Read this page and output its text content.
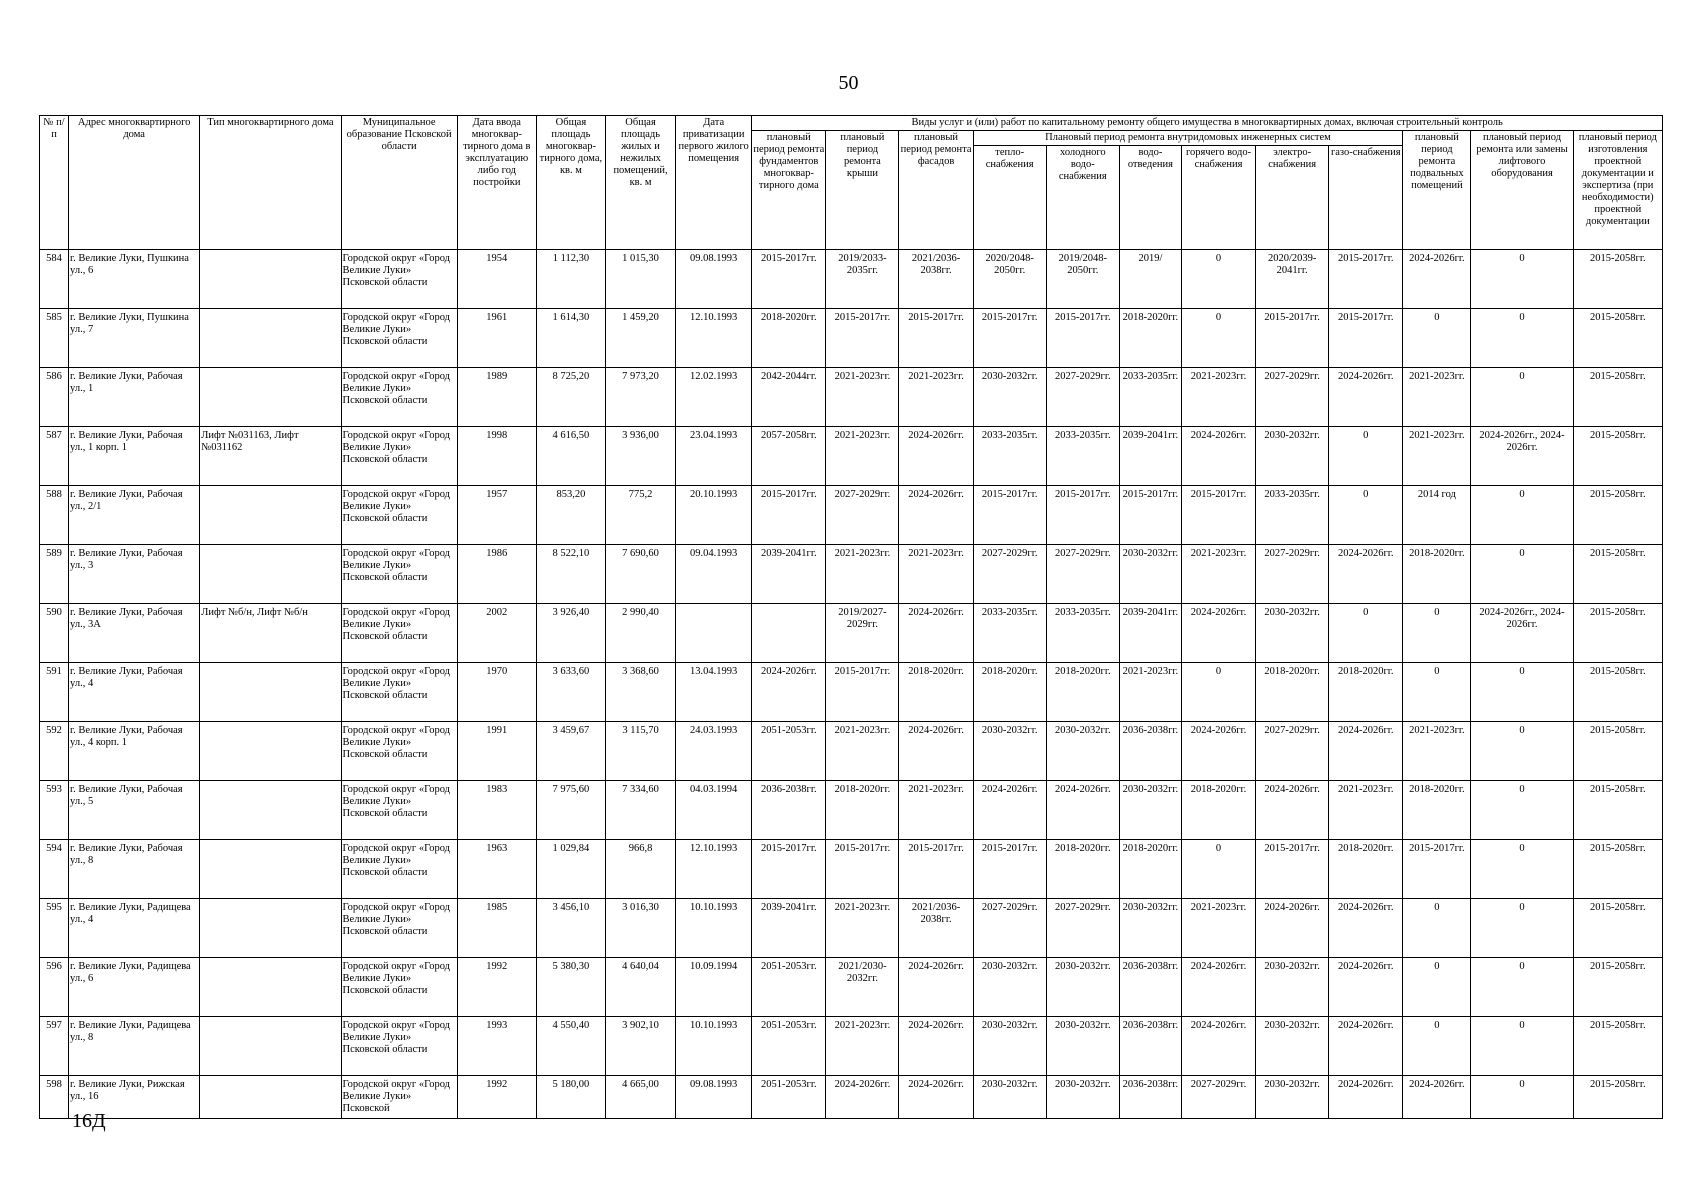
50
№ п/п	Адрес многоквартирного дома	Тип многоквартирного дома	Муниципальное образование Псковской области	Дата ввода многоквар-тирного дома в эксплуатацию либо год постройки	Общая площадь многоквар-тирного дома, кв. м	Общая площадь жилых и нежилых помещений, кв. м	Дата приватизации первого жилого помещения	Виды услуг и (или) работ по капитальному ремонту общего имущества в многоквартирных домах, включая строительный контроль											
								плановый период ремонта фундаментов многоквар-тирного дома	плановый период ремонта крыши	плановый период ремонта фасадов	Плановый период ремонта внутридомовых инженерных систем						плановый период ремонта подвальных помещений	плановый период ремонта или замены лифтового оборудования	плановый период изготовления проектной документации и экспертиза (при необходимости) проектной документации
											тепло-снабжения	холодного водо-снабжения	водо-отведения	горячего водо-снабжения	электро-снабжения	газо-снабжения			
584	г. Великие Луки, Пушкина ул., 6		Городской округ «Город Великие Луки» Псковской области	1954	1 112,30	1 015,30	09.08.1993	2015-2017гг.	2019/2033-2035гг.	2021/2036-2038гг.	2020/2048-2050гг.	2019/2048-2050гг.	2019/	0	2020/2039-2041гг.	2015-2017гг.	2024-2026гг.	0	2015-2058гг.
585	г. Великие Луки, Пушкина ул., 7		Городской округ «Город Великие Луки» Псковской области	1961	1 614,30	1 459,20	12.10.1993	2018-2020гг.	2015-2017гг.	2015-2017гг.	2015-2017гг.	2015-2017гг.	2018-2020гг.	0	2015-2017гг.	2015-2017гг.	0	0	2015-2058гг.
586	г. Великие Луки, Рабочая ул., 1		Городской округ «Город Великие Луки» Псковской области	1989	8 725,20	7 973,20	12.02.1993	2042-2044гг.	2021-2023гг.	2021-2023гг.	2030-2032гг.	2027-2029гг.	2033-2035гг.	2021-2023гг.	2027-2029гг.	2024-2026гг.	2021-2023гг.	0	2015-2058гг.
587	г. Великие Луки, Рабочая ул., 1 корп. 1	Лифт №031163, Лифт №031162	Городской округ «Город Великие Луки» Псковской области	1998	4 616,50	3 936,00	23.04.1993	2057-2058гг.	2021-2023гг.	2024-2026гг.	2033-2035гг.	2033-2035гг.	2039-2041гг.	2024-2026гг.	2030-2032гг.	0	2021-2023гг.	2024-2026гг., 2024-2026гг.	2015-2058гг.
588	г. Великие Луки, Рабочая ул., 2/1		Городской округ «Город Великие Луки» Псковской области	1957	853,20	775,2	20.10.1993	2015-2017гг.	2027-2029гг.	2024-2026гг.	2015-2017гг.	2015-2017гг.	2015-2017гг.	2015-2017гг.	2033-2035гг.	0	2014 год	0	2015-2058гг.
589	г. Великие Луки, Рабочая ул., 3		Городской округ «Город Великие Луки» Псковской области	1986	8 522,10	7 690,60	09.04.1993	2039-2041гг.	2021-2023гг.	2021-2023гг.	2027-2029гг.	2027-2029гг.	2030-2032гг.	2021-2023гг.	2027-2029гг.	2024-2026гг.	2018-2020гг.	0	2015-2058гг.
590	г. Великие Луки, Рабочая ул., 3А	Лифт №б/н, Лифт №б/н	Городской округ «Город Великие Луки» Псковской области	2002	3 926,40	2 990,40			2019/2027-2029гг.	2024-2026гг.	2033-2035гг.	2033-2035гг.	2039-2041гг.	2024-2026гг.	2030-2032гг.	0	0	2024-2026гг., 2024-2026гг.	2015-2058гг.
591	г. Великие Луки, Рабочая ул., 4		Городской округ «Город Великие Луки» Псковской области	1970	3 633,60	3 368,60	13.04.1993	2024-2026гг.	2015-2017гг.	2018-2020гг.	2018-2020гг.	2018-2020гг.	2021-2023гг.	0	2018-2020гг.	2018-2020гг.	0	0	2015-2058гг.
592	г. Великие Луки, Рабочая ул., 4 корп. 1		Городской округ «Город Великие Луки» Псковской области	1991	3 459,67	3 115,70	24.03.1993	2051-2053гг.	2021-2023гг.	2024-2026гг.	2030-2032гг.	2030-2032гг.	2036-2038гг.	2024-2026гг.	2027-2029гг.	2024-2026гг.	2021-2023гг.	0	2015-2058гг.
593	г. Великие Луки, Рабочая ул., 5		Городской округ «Город Великие Луки» Псковской области	1983	7 975,60	7 334,60	04.03.1994	2036-2038гг.	2018-2020гг.	2021-2023гг.	2024-2026гг.	2024-2026гг.	2030-2032гг.	2018-2020гг.	2024-2026гг.	2021-2023гг.	2018-2020гг.	0	2015-2058гг.
594	г. Великие Луки, Рабочая ул., 8		Городской округ «Город Великие Луки» Псковской области	1963	1 029,84	966,8	12.10.1993	2015-2017гг.	2015-2017гг.	2015-2017гг.	2015-2017гг.	2018-2020гг.	2018-2020гг.	0	2015-2017гг.	2018-2020гг.	2015-2017гг.	0	2015-2058гг.
595	г. Великие Луки, Радищева ул., 4		Городской округ «Город Великие Луки» Псковской области	1985	3 456,10	3 016,30	10.10.1993	2039-2041гг.	2021-2023гг.	2021/2036-2038гг.	2027-2029гг.	2027-2029гг.	2030-2032гг.	2021-2023гг.	2024-2026гг.	2024-2026гг.	0	0	2015-2058гг.
596	г. Великие Луки, Радищева ул., 6		Городской округ «Город Великие Луки» Псковской области	1992	5 380,30	4 640,04	10.09.1994	2051-2053гг.	2021/2030-2032гг.	2024-2026гг.	2030-2032гг.	2030-2032гг.	2036-2038гг.	2024-2026гг.	2030-2032гг.	2024-2026гг.	0	0	2015-2058гг.
597	г. Великие Луки, Радищева ул., 8		Городской округ «Город Великие Луки» Псковской области	1993	4 550,40	3 902,10	10.10.1993	2051-2053гг.	2021-2023гг.	2024-2026гг.	2030-2032гг.	2030-2032гг.	2036-2038гг.	2024-2026гг.	2030-2032гг.	2024-2026гг.	0	0	2015-2058гг.
598	г. Великие Луки, Рижская ул., 16		Городской округ «Город Великие Луки» Псковской	1992	5 180,00	4 665,00	09.08.1993	2051-2053гг.	2024-2026гг.	2024-2026гг.	2030-2032гг.	2030-2032гг.	2036-2038гг.	2027-2029гг.	2030-2032гг.	2024-2026гг.	2024-2026гг.	0	2015-2058гг.
16Д
